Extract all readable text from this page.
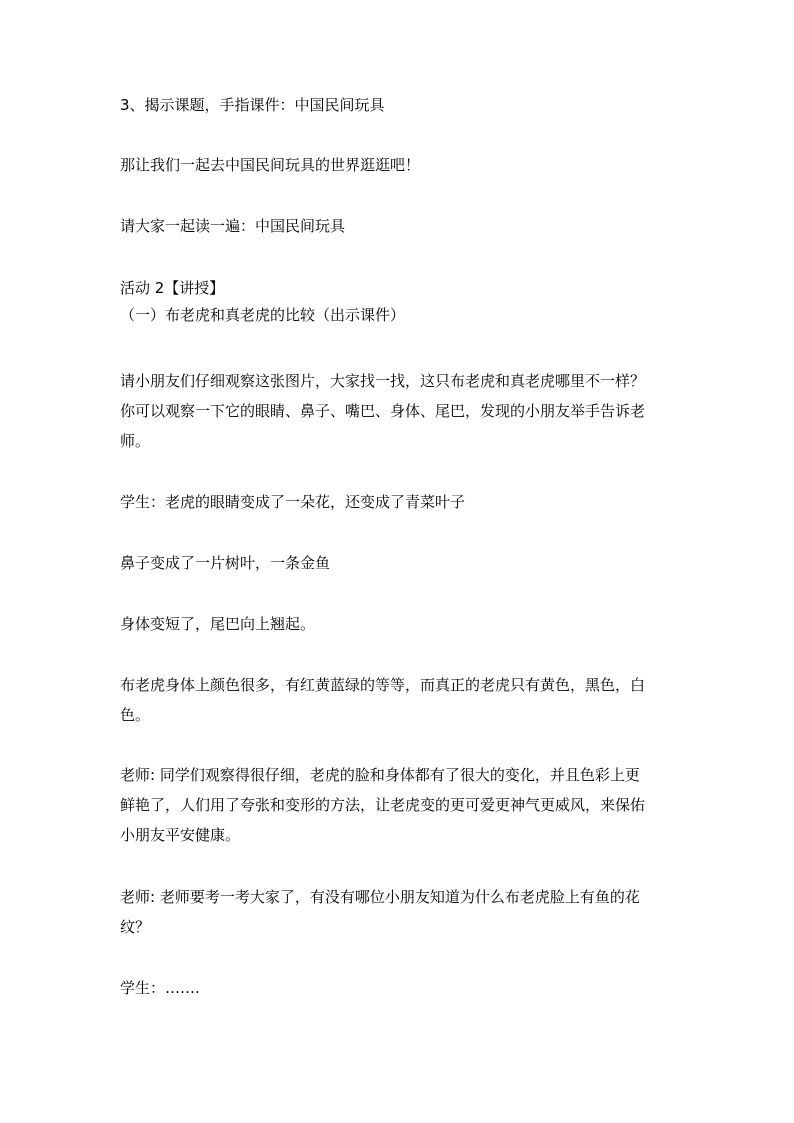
3、揭示课题，手指课件：中国民间玩具
那让我们一起去中国民间玩具的世界逛逛吧！
请大家一起读一遍：中国民间玩具
活动 2【讲授】
（一）布老虎和真老虎的比较（出示课件）
请小朋友们仔细观察这张图片，大家找一找，这只布老虎和真老虎哪里不一样？
你可以观察一下它的眼睛、鼻子、嘴巴、身体、尾巴，发现的小朋友举手告诉老
师。
学生：老虎的眼睛变成了一朵花，还变成了青菜叶子
鼻子变成了一片树叶，一条金鱼
身体变短了，尾巴向上翘起。
布老虎身体上颜色很多，有红黄蓝绿的等等，而真正的老虎只有黄色，黑色，白
色。
老师: 同学们观察得很仔细，老虎的脸和身体都有了很大的变化，并且色彩上更
鲜艳了，人们用了夸张和变形的方法，让老虎变的更可爱更神气更威风，来保佑
小朋友平安健康。
老师: 老师要考一考大家了，有没有哪位小朋友知道为什么布老虎脸上有鱼的花
纹？
学生：…….
